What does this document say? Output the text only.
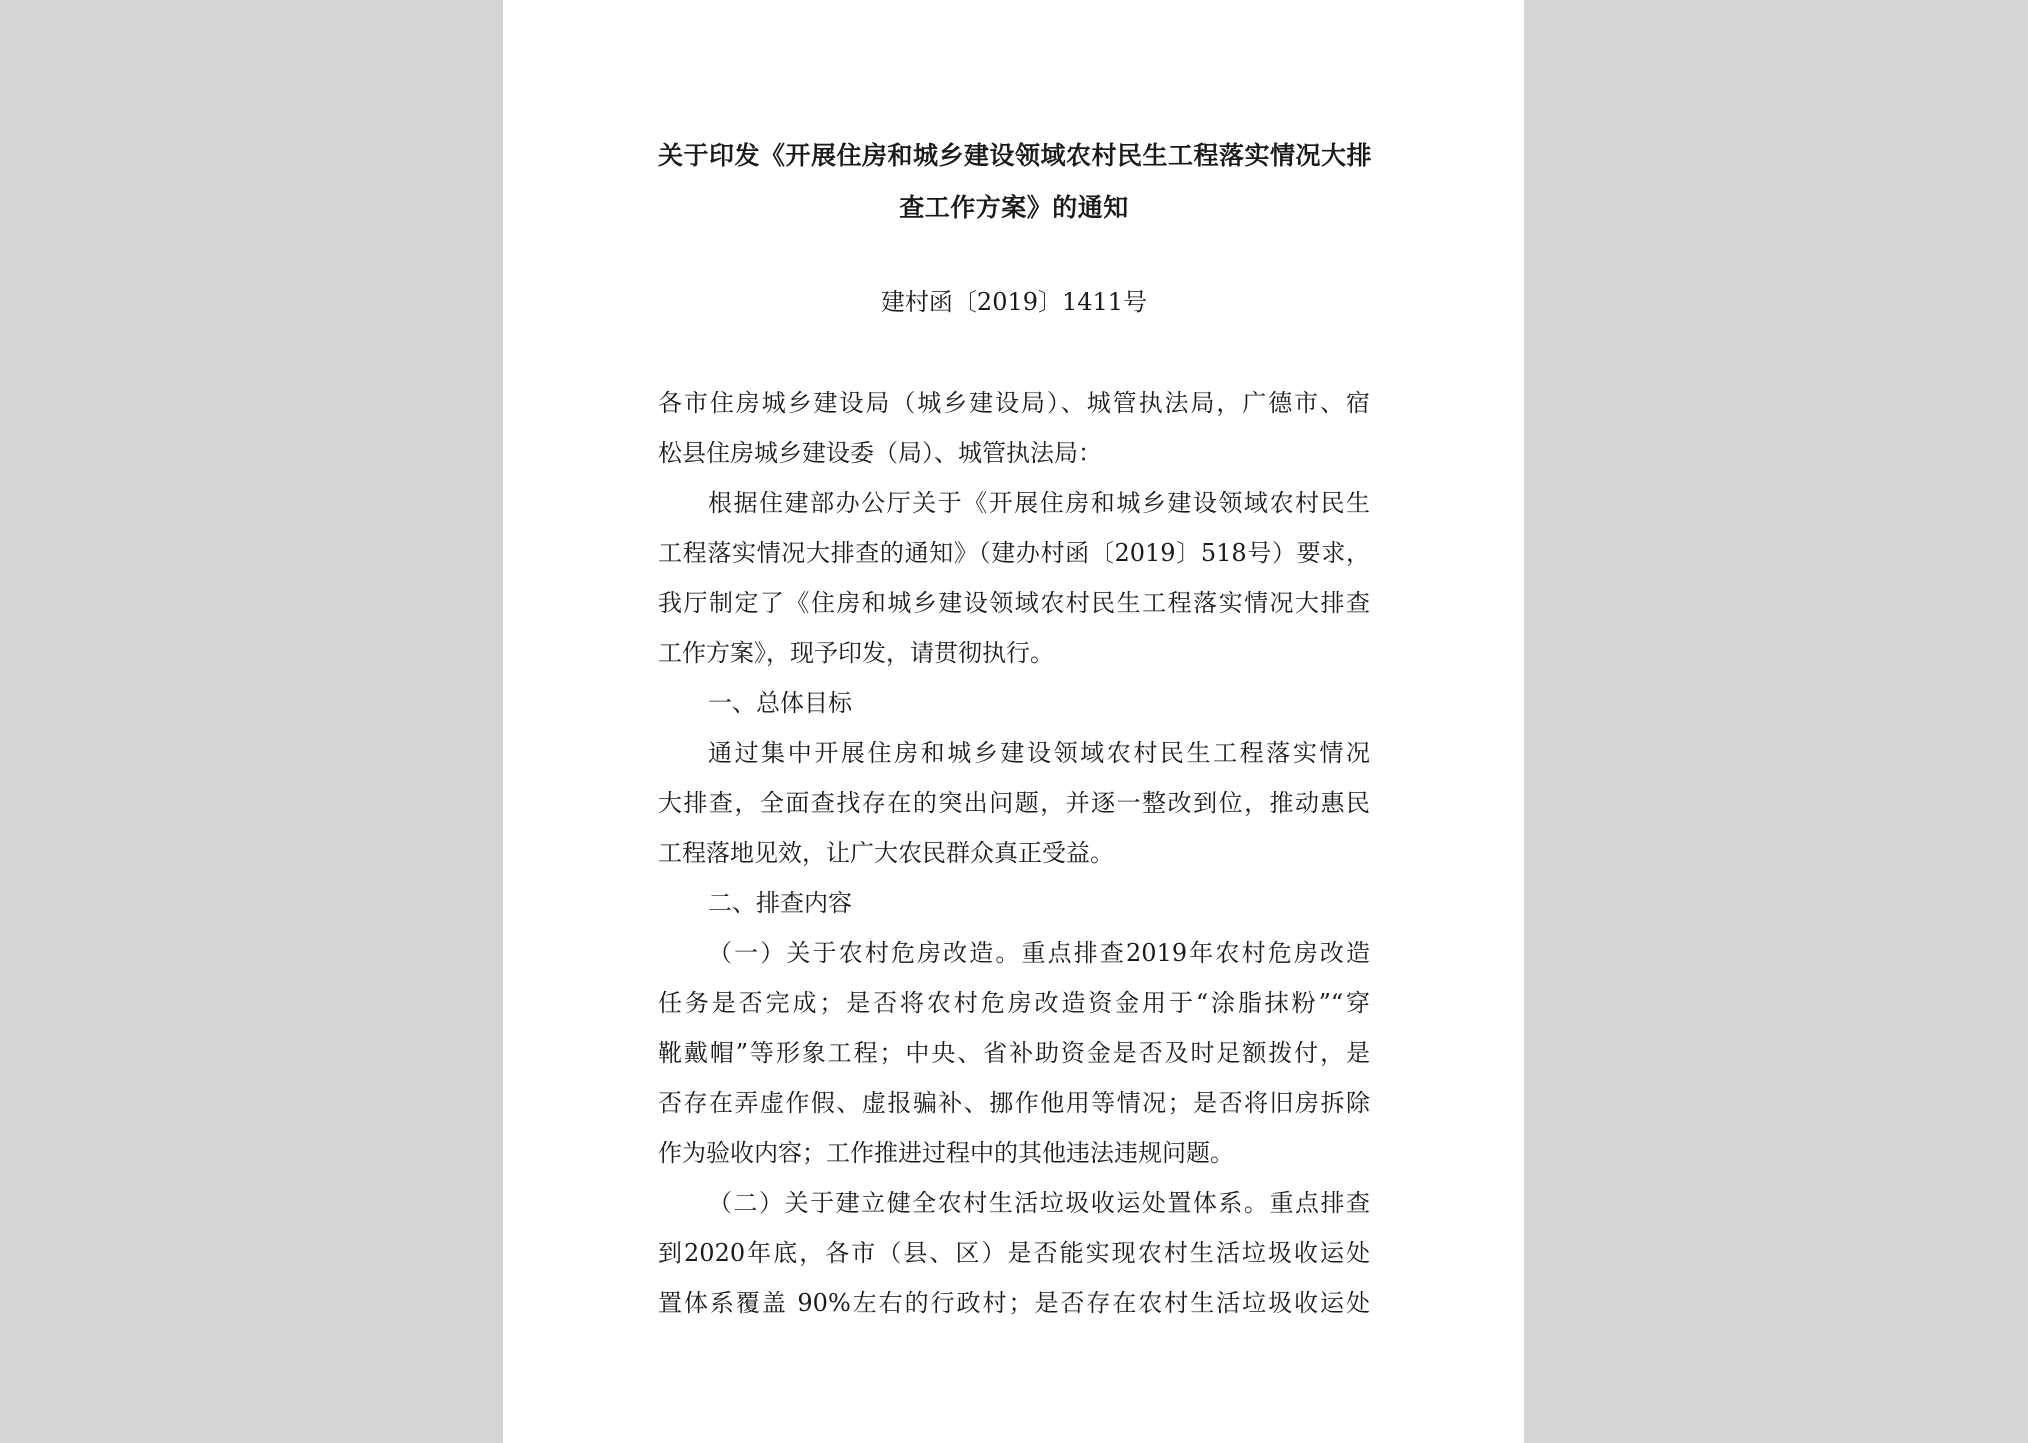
关于印发《开展住房和城乡建设领域农村民生工程落实情况大排
查工作方案》的通知
建村函〔2019〕1411号
各市住房城乡建设局（城乡建设局）、城管执法局，广德市、宿
松县住房城乡建设委（局）、城管执法局：
根据住建部办公厅关于《开展住房和城乡建设领域农村民生
工程落实情况大排查的通知》（建办村函〔2019〕518号）要求，
我厅制定了《住房和城乡建设领域农村民生工程落实情况大排查
工作方案》，现予印发，请贯彻执行。
一、总体目标
通过集中开展住房和城乡建设领域农村民生工程落实情况
大排查，全面查找存在的突出问题，并逐一整改到位，推动惠民
工程落地见效，让广大农民群众真正受益。
二、排查内容
（一）关于农村危房改造。重点排查2019年农村危房改造
任务是否完成；是否将农村危房改造资金用于“涂脂抹粉”“穿
靴戴帽”等形象工程；中央、省补助资金是否及时足额拨付，是
否存在弄虚作假、虚报骗补、挪作他用等情况；是否将旧房拆除
作为验收内容；工作推进过程中的其他违法违规问题。
（二）关于建立健全农村生活垃圾收运处置体系。重点排查
到2020年底，各市（县、区）是否能实现农村生活垃圾收运处
置体系覆盖 90%左右的行政村；是否存在农村生活垃圾收运处
